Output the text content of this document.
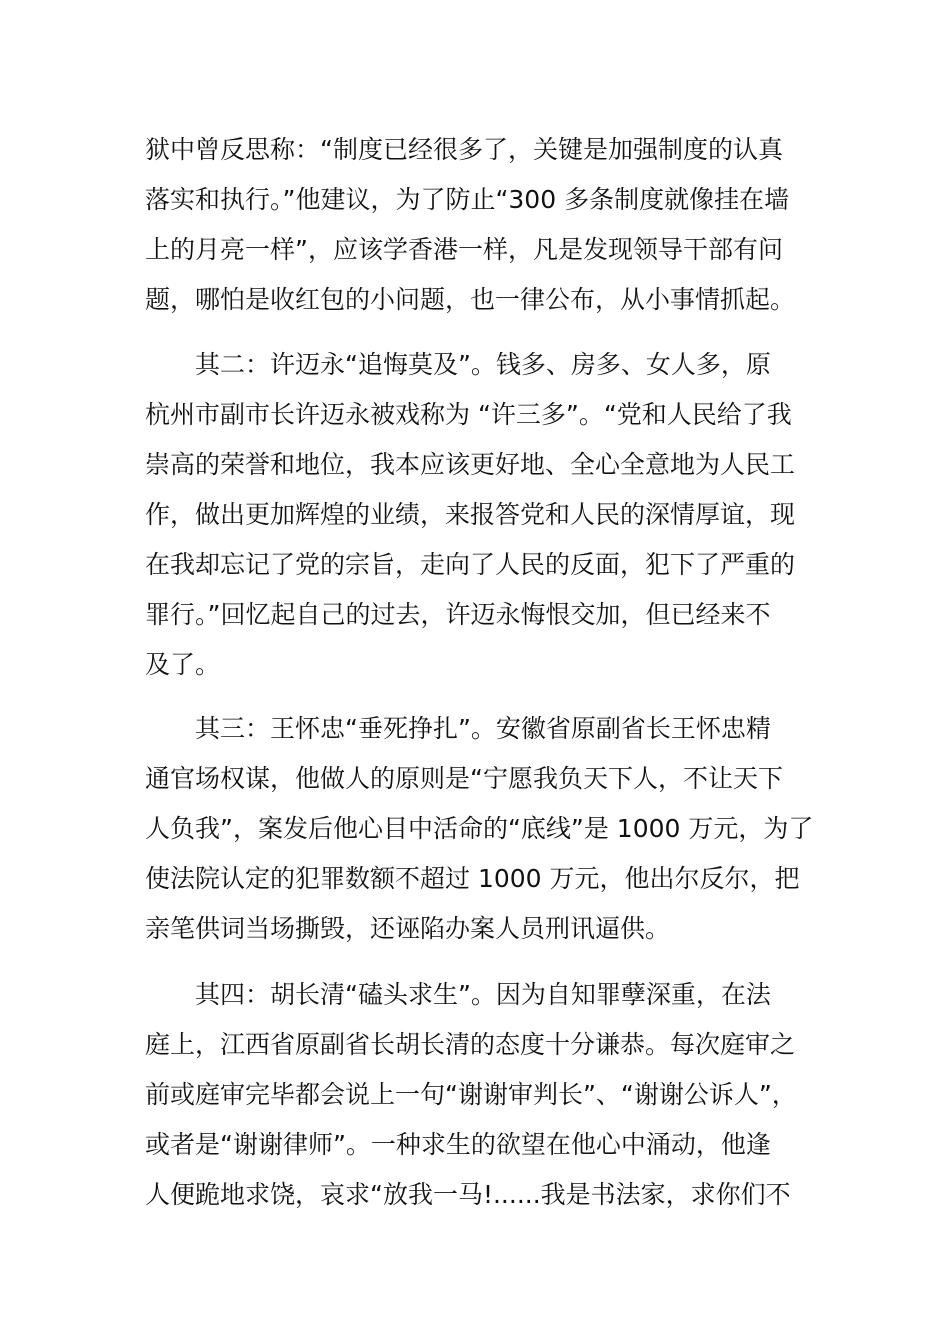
狱中曾反思称：“制度已经很多了，关键是加强制度的认真
落实和执行。”他建议，为了防止“300 多条制度就像挂在墙
上的月亮一样”，应该学香港一样，凡是发现领导干部有问
题，哪怕是收红包的小问题，也一律公布，从小事情抓起。
其二：许迈永“追悔莫及”。钱多、房多、女人多，原
杭州市副市长许迈永被戏称为 “许三多”。“党和人民给了我
崇高的荣誉和地位，我本应该更好地、全心全意地为人民工
作，做出更加辉煌的业绩，来报答党和人民的深情厚谊，现
在我却忘记了党的宗旨，走向了人民的反面，犯下了严重的
罪行。”回忆起自己的过去，许迈永悔恨交加，但已经来不
及了。
其三：王怀忠“垂死挣扎”。安徽省原副省长王怀忠精
通官场权谋，他做人的原则是“宁愿我负天下人，不让天下
人负我”，案发后他心目中活命的“底线”是 1000 万元，为了
使法院认定的犯罪数额不超过 1000 万元，他出尔反尔，把
亲笔供词当场撕毁，还诬陷办案人员刑讯逼供。
其四：胡长清“磕头求生”。因为自知罪孽深重，在法
庭上，江西省原副省长胡长清的态度十分谦恭。每次庭审之
前或庭审完毕都会说上一句“谢谢审判长”、“谢谢公诉人”，
或者是“谢谢律师”。一种求生的欲望在他心中涌动，他逢
人便跪地求饶，哀求“放我一马!......我是书法家，求你们不
